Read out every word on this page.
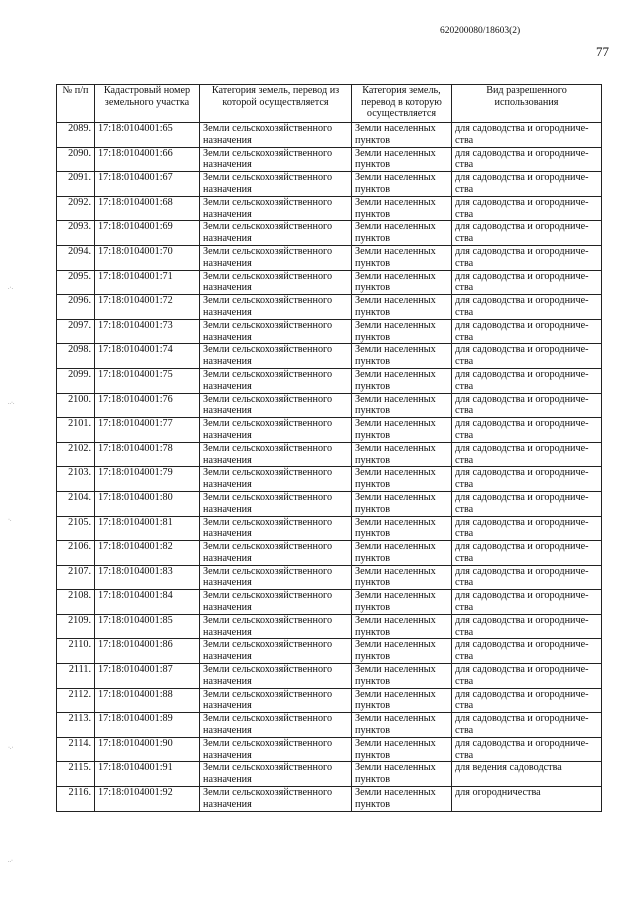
620200080/18603(2)
77
.·.
..·.
·.
·.·
..·
№ п/п	Кадастровый номер земельного участка	Категория земель, перевод из которой осуществляется	Категория земель, перевод в которую осуществляется	Вид разрешенного использования
2089.	17:18:0104001:65	Земли сельскохозяйственного назначения	Земли населенных пунктов	для садоводства и огородниче-ства
2090.	17:18:0104001:66	Земли сельскохозяйственного назначения	Земли населенных пунктов	для садоводства и огородниче-ства
2091.	17:18:0104001:67	Земли сельскохозяйственного назначения	Земли населенных пунктов	для садоводства и огородниче-ства
2092.	17:18:0104001:68	Земли сельскохозяйственного назначения	Земли населенных пунктов	для садоводства и огородниче-ства
2093.	17:18:0104001:69	Земли сельскохозяйственного назначения	Земли населенных пунктов	для садоводства и огородниче-ства
2094.	17:18:0104001:70	Земли сельскохозяйственного назначения	Земли населенных пунктов	для садоводства и огородниче-ства
2095.	17:18:0104001:71	Земли сельскохозяйственного назначения	Земли населенных пунктов	для садоводства и огородниче-ства
2096.	17:18:0104001:72	Земли сельскохозяйственного назначения	Земли населенных пунктов	для садоводства и огородниче-ства
2097.	17:18:0104001:73	Земли сельскохозяйственного назначения	Земли населенных пунктов	для садоводства и огородниче-ства
2098.	17:18:0104001:74	Земли сельскохозяйственного назначения	Земли населенных пунктов	для садоводства и огородниче-ства
2099.	17:18:0104001:75	Земли сельскохозяйственного назначения	Земли населенных пунктов	для садоводства и огородниче-ства
2100.	17:18:0104001:76	Земли сельскохозяйственного назначения	Земли населенных пунктов	для садоводства и огородниче-ства
2101.	17:18:0104001:77	Земли сельскохозяйственного назначения	Земли населенных пунктов	для садоводства и огородниче-ства
2102.	17:18:0104001:78	Земли сельскохозяйственного назначения	Земли населенных пунктов	для садоводства и огородниче-ства
2103.	17:18:0104001:79	Земли сельскохозяйственного назначения	Земли населенных пунктов	для садоводства и огородниче-ства
2104.	17:18:0104001:80	Земли сельскохозяйственного назначения	Земли населенных пунктов	для садоводства и огородниче-ства
2105.	17:18:0104001:81	Земли сельскохозяйственного назначения	Земли населенных пунктов	для садоводства и огородниче-ства
2106.	17:18:0104001:82	Земли сельскохозяйственного назначения	Земли населенных пунктов	для садоводства и огородниче-ства
2107.	17:18:0104001:83	Земли сельскохозяйственного назначения	Земли населенных пунктов	для садоводства и огородниче-ства
2108.	17:18:0104001:84	Земли сельскохозяйственного назначения	Земли населенных пунктов	для садоводства и огородниче-ства
2109.	17:18:0104001:85	Земли сельскохозяйственного назначения	Земли населенных пунктов	для садоводства и огородниче-ства
2110.	17:18:0104001:86	Земли сельскохозяйственного назначения	Земли населенных пунктов	для садоводства и огородниче-ства
2111.	17:18:0104001:87	Земли сельскохозяйственного назначения	Земли населенных пунктов	для садоводства и огородниче-ства
2112.	17:18:0104001:88	Земли сельскохозяйственного назначения	Земли населенных пунктов	для садоводства и огородниче-ства
2113.	17:18:0104001:89	Земли сельскохозяйственного назначения	Земли населенных пунктов	для садоводства и огородниче-ства
2114.	17:18:0104001:90	Земли сельскохозяйственного назначения	Земли населенных пунктов	для садоводства и огородниче-ства
2115.	17:18:0104001:91	Земли сельскохозяйственного назначения	Земли населенных пунктов	для ведения садоводства
2116.	17:18:0104001:92	Земли сельскохозяйственного назначения	Земли населенных пунктов	для огородничества
